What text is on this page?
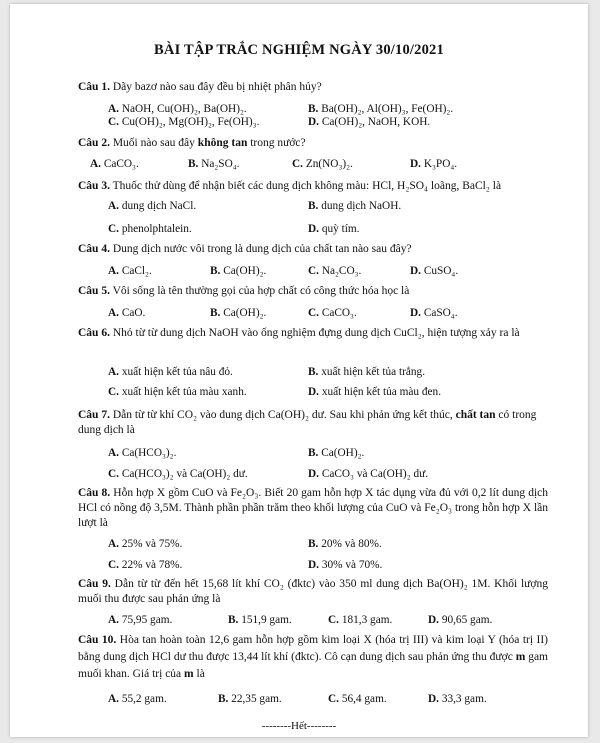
BÀI TẬP TRẮC NGHIỆM NGÀY 30/10/2021
Câu 1. Dãy bazơ nào sau đây đều bị nhiệt phân hủy?
A. NaOH, Cu(OH)₂, Ba(OH)₂.	B. Ba(OH)₂, Al(OH)₃, Fe(OH)₂.
C. Cu(OH)₂, Mg(OH)₂, Fe(OH)₃.	D. Ca(OH)₂, NaOH, KOH.
Câu 2. Muối nào sau đây không tan trong nước?
A. CaCO₃.	B. Na₂SO₄.	C. Zn(NO₃)₂.	D. K₃PO₄.
Câu 3. Thuốc thử dùng để nhận biết các dung dịch không màu: HCl, H₂SO₄ loãng, BaCl₂ là
A. dung dịch NaCl.	B. dung dịch NaOH.
C. phenolphtalein.	D. quỳ tím.
Câu 4. Dung dịch nước vôi trong là dung dịch của chất tan nào sau đây?
A. CaCl₂.	B. Ca(OH)₂.	C. Na₂CO₃.	D. CuSO₄.
Câu 5. Vôi sống là tên thường gọi của hợp chất có công thức hóa học là
A. CaO.	B. Ca(OH)₂.	C. CaCO₃.	D. CaSO₄.
Câu 6. Nhỏ từ từ dung dịch NaOH vào ống nghiệm đựng dung dịch CuCl₂, hiện tượng xảy ra là
A. xuất hiện kết tủa nâu đỏ.	B. xuất hiện kết tủa trắng.
C. xuất hiện kết tủa màu xanh.	D. xuất hiện kết tủa màu đen.
Câu 7. Dẫn từ từ khí CO₂ vào dung dịch Ca(OH)₂ dư. Sau khi phản ứng kết thúc, chất tan có trong dung dịch là
A. Ca(HCO₃)₂.	B. Ca(OH)₂.
C. Ca(HCO₃)₂ và Ca(OH)₂ dư.	D. CaCO₃ và Ca(OH)₂ dư.
Câu 8. Hỗn hợp X gồm CuO và Fe₂O₃. Biết 20 gam hỗn hợp X tác dụng vừa đủ với 0,2 lít dung dịch HCl có nồng độ 3,5M. Thành phần phần trăm theo khối lượng của CuO và Fe₂O₃ trong hỗn hợp X lần lượt là
A. 25% và 75%.	B. 20% và 80%.
C. 22% và 78%.	D. 30% và 70%.
Câu 9. Dẫn từ từ đến hết 15,68 lít khí CO₂ (đktc) vào 350 ml dung dịch Ba(OH)₂ 1M. Khối lượng muối thu được sau phản ứng là
A. 75,95 gam.	B. 151,9 gam.	C. 181,3 gam.	D. 90,65 gam.
Câu 10. Hòa tan hoàn toàn 12,6 gam hỗn hợp gồm kim loại X (hóa trị III) và kim loại Y (hóa trị II) bằng dung dịch HCl dư thu được 13,44 lít khí (đktc). Cô cạn dung dịch sau phản ứng thu được m gam muối khan. Giá trị của m là
A. 55,2 gam.	B. 22,35 gam.	C. 56,4 gam.	D. 33,3 gam.
--------Hết--------
